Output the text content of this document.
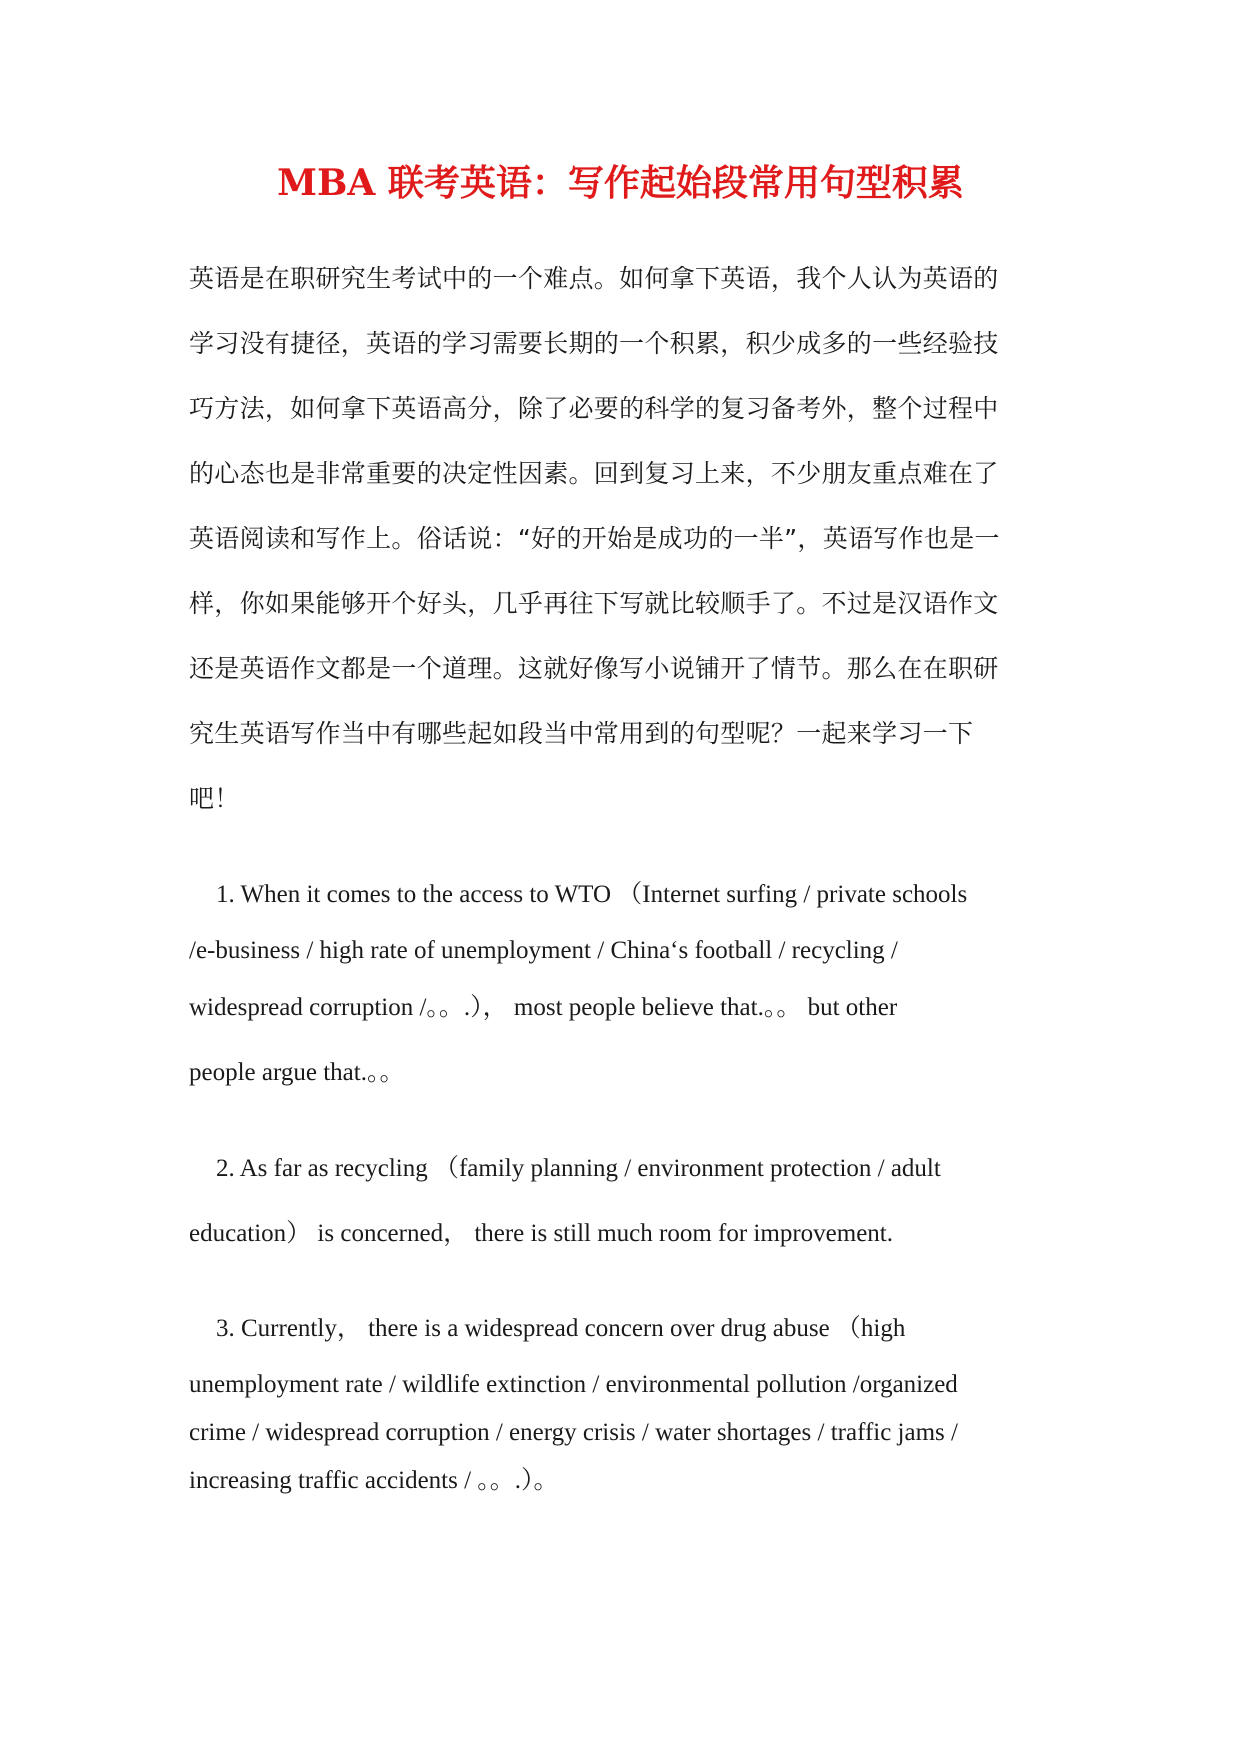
MBA 联考英语：写作起始段常用句型积累
英语是在职研究生考试中的一个难点。如何拿下英语，我个人认为英语的
学习没有捷径，英语的学习需要长期的一个积累，积少成多的一些经验技
巧方法，如何拿下英语高分，除了必要的科学的复习备考外，整个过程中
的心态也是非常重要的决定性因素。回到复习上来，不少朋友重点难在了
英语阅读和写作上。俗话说：“好的开始是成功的一半”，英语写作也是一
样，你如果能够开个好头，几乎再往下写就比较顺手了。不过是汉语作文
还是英语作文都是一个道理。这就好像写小说铺开了情节。那么在在职研
究生英语写作当中有哪些起如段当中常用到的句型呢？一起来学习一下
吧！
1. When it comes to the access to WTO （Internet surfing / private schools
/e-business / high rate of unemployment / China‘s football / recycling /
widespread corruption /。。.）， most people believe that.。。 but other
people argue that.。。
2. As far as recycling （family planning / environment protection / adult
education） is concerned， there is still much room for improvement.
3. Currently， there is a widespread concern over drug abuse （high
unemployment rate / wildlife extinction / environmental pollution /organized
crime / widespread corruption / energy crisis / water shortages / traffic jams /
increasing traffic accidents / 。。.）。
